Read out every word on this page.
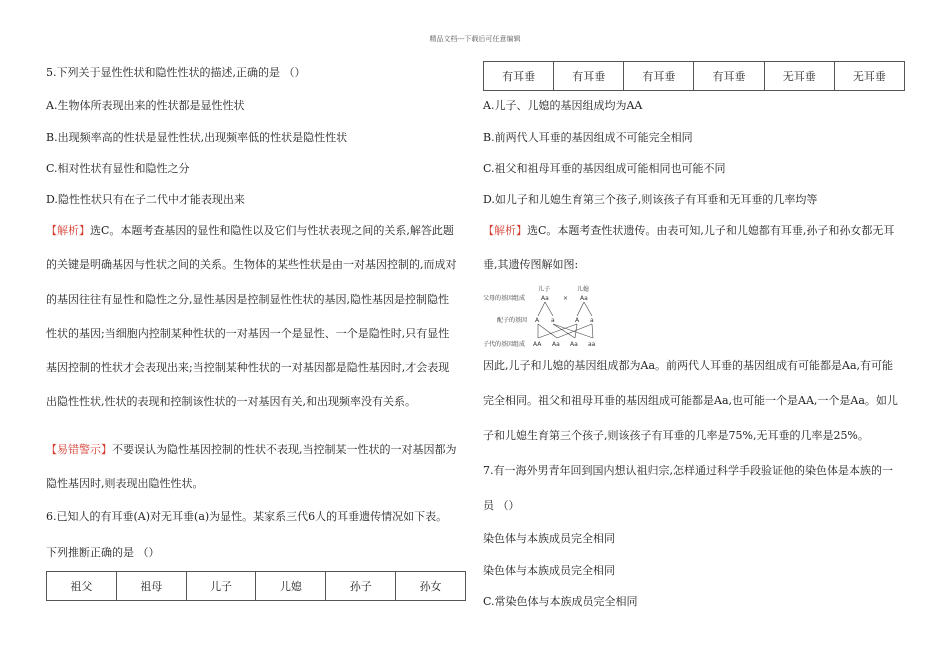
精品文档---下载后可任意编辑
5.下列关于显性性状和隐性性状的描述,正确的是 （）
A.生物体所表现出来的性状都是显性性状
B.出现频率高的性状是显性性状,出现频率低的性状是隐性性状
C.相对性状有显性和隐性之分
D.隐性性状只有在子二代中才能表现出来
【解析】选C。本题考查基因的显性和隐性以及它们与性状表现之间的关系,解答此题
的关键是明确基因与性状之间的关系。生物体的某些性状是由一对基因控制的,而成对
的基因往往有显性和隐性之分,显性基因是控制显性性状的基因,隐性基因是控制隐性
性状的基因;当细胞内控制某种性状的一对基因一个是显性、一个是隐性时,只有显性
基因控制的性状才会表现出来;当控制某种性状的一对基因都是隐性基因时,才会表现
出隐性性状,性状的表现和控制该性状的一对基因有关,和出现频率没有关系。
【易错警示】不要误认为隐性基因控制的性状不表现,当控制某一性状的一对基因都为
隐性基因时,则表现出隐性性状。
6.已知人的有耳垂(A)对无耳垂(a)为显性。某家系三代6人的耳垂遗传情况如下表。
下列推断正确的是 （）
祖父	祖母	儿子	儿媳	孙子	孙女
有耳垂	有耳垂	有耳垂	有耳垂	无耳垂	无耳垂
A.儿子、儿媳的基因组成均为AA
B.前两代人耳垂的基因组成不可能完全相同
C.祖父和祖母耳垂的基因组成可能相同也可能不同
D.如儿子和儿媳生育第三个孩子,则该孩子有耳垂和无耳垂的几率均等
【解析】选C。本题考查性状遗传。由表可知,儿子和儿媳都有耳垂,孙子和孙女都无耳
垂,其遗传图解如图:
儿子	儿媳
父母的基因组成	Aa × Aa
配子的基因 A a	A a
子代的基因组成 AA Aa Aa aa
因此,儿子和儿媳的基因组成都为Aa。前两代人耳垂的基因组成有可能都是Aa,有可能
完全相同。祖父和祖母耳垂的基因组成可能都是Aa,也可能一个是AA,一个是Aa。如儿
子和儿媳生育第三个孩子,则该孩子有耳垂的几率是75%,无耳垂的几率是25%。
7.有一海外男青年回到国内想认祖归宗,怎样通过科学手段验证他的染色体是本族的一
员 （）
染色体与本族成员完全相同
染色体与本族成员完全相同
C.常染色体与本族成员完全相同
